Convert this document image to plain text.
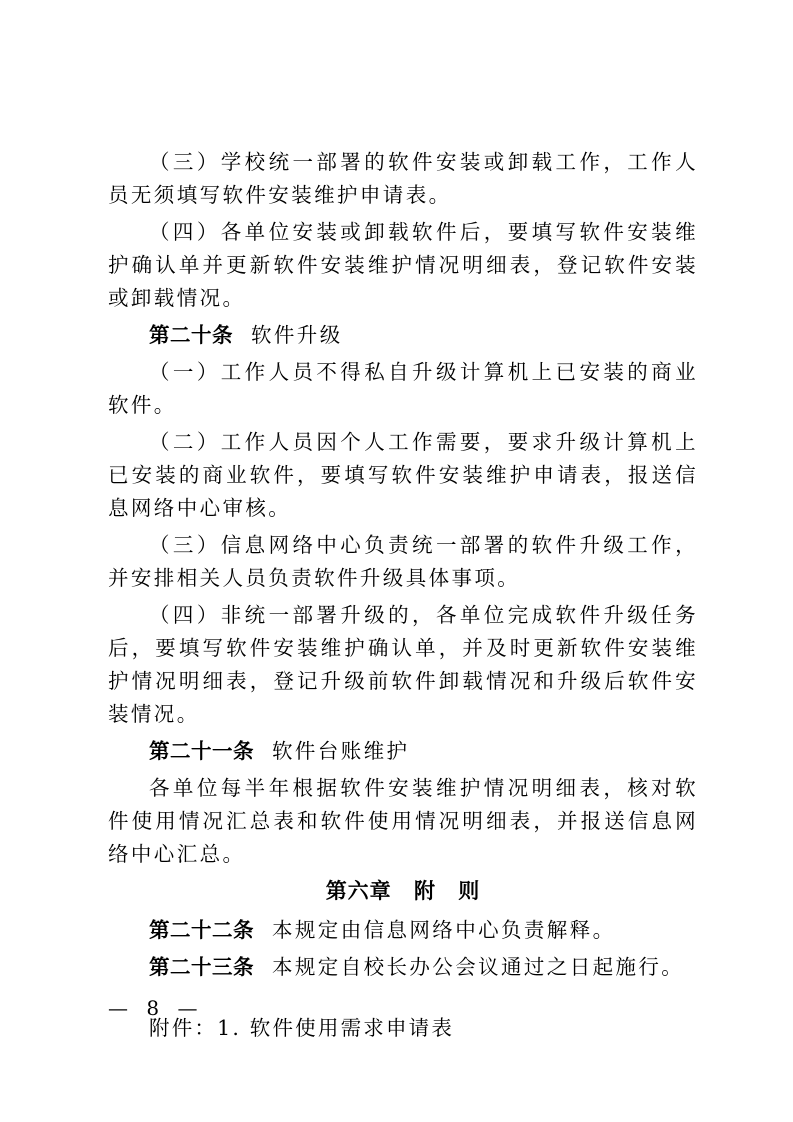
（三）学校统一部署的软件安装或卸载工作，工作人员无须填写软件安装维护申请表。

（四）各单位安装或卸载软件后，要填写软件安装维护确认单并更新软件安装维护情况明细表，登记软件安装或卸载情况。

第二十条 软件升级

（一）工作人员不得私自升级计算机上已安装的商业软件。

（二）工作人员因个人工作需要，要求升级计算机上已安装的商业软件，要填写软件安装维护申请表，报送信息网络中心审核。

（三）信息网络中心负责统一部署的软件升级工作，并安排相关人员负责软件升级具体事项。

（四）非统一部署升级的，各单位完成软件升级任务后，要填写软件安装维护确认单，并及时更新软件安装维护情况明细表，登记升级前软件卸载情况和升级后软件安装情况。

第二十一条 软件台账维护

各单位每半年根据软件安装维护情况明细表，核对软件使用情况汇总表和软件使用情况明细表，并报送信息网络中心汇总。

第六章 附 则

第二十二条 本规定由信息网络中心负责解释。

第二十三条 本规定自校长办公会议通过之日起施行。

附件：1. 软件使用需求申请表

— 8 —
